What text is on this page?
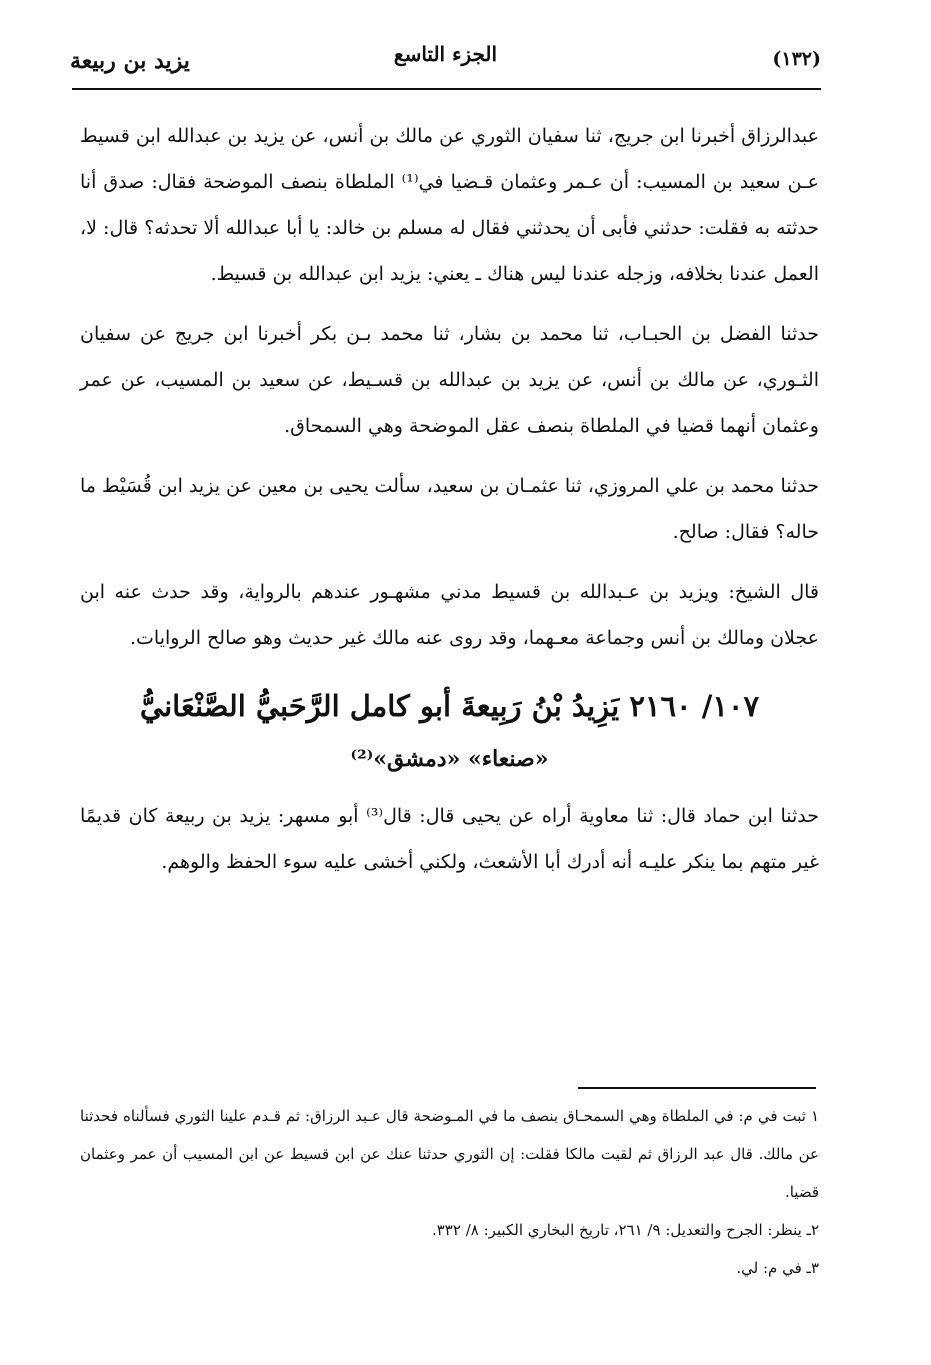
(١٣٢)
الجزء التاسع
يزيد بن ربيعة

عبدالرزاق أخبرنا ابن جريج، ثنا سفيان الثوري عن مالك بن أنس، عن يزيد بن عبدالله ابن قسيط عـن سعيد بن المسيب: أن عـمر وعثمان قـضيا في⁽¹⁾ الملطاة بنصف الموضحة فقال: صدق أنا حدثته به فقلت: حدثني فأبى أن يحدثني فقال له مسلم بن خالد: يا أبا عبدالله ألا تحدثه؟ قال: لا، العمل عندنا بخلافه، وزجله عندنا ليس هناك ـ يعني: يزيد ابن عبدالله بن قسيط.

حدثنا الفضل بن الحبـاب، ثنا محمد بن بشار، ثنا محمد بـن بكر أخبرنا ابن جريج عن سفيان الثـوري، عن مالك بن أنس، عن يزيد بن عبدالله بن قسـيط، عن سعيد بن المسيب، عن عمر وعثمان أنهما قضيا في الملطاة بنصف عقل الموضحة وهي السمحاق.

حدثنا محمد بن علي المروزي، ثنا عثمـان بن سعيد، سألت يحيى بن معين عن يزيد ابن قُسَيْط ما حاله؟ فقال: صالح.

قال الشيخ: ويزيد بن عـبدالله بن قسيط مدني مشهـور عندهم بالرواية، وقد حدث عنه ابن عجلان ومالك بن أنس وجماعة معـهما، وقد روى عنه مالك غير حديث وهو صالح الروايات.

١٠٧/ ٢١٦٠ يَزِيدُ بْنُ رَبِيعةَ أبو كامل الرَّحَبيُّ الصَّنْعَانيُّ
«صنعاء» «دمشق»⁽²⁾

حدثنا ابن حماد قال: ثنا معاوية أراه عن يحيى قال: قال⁽³⁾ أبو مسهر: يزيد بن ربيعة كان قديمًا غير متهم بما ينكر عليـه أنه أدرك أبا الأشعث، ولكني أخشى عليه سوء الحفظ والوهم.

١ ثبت في م: في الملطاة وهي السمحـاق بنصف ما في المـوضحة قال عـبد الرزاق: ثم قـدم علينا الثوري فسألناه فحدثنا عن مالك. قال عبد الرزاق ثم لقيت مالكا فقلت: إن الثوري حدثنا عنك عن ابن قسيط عن ابن المسيب أن عمر وعثمان قضيا.

٢ـ ينظر: الجرح والتعديل: ٩/ ٢٦١، تاريخ البخاري الكبير: ٨/ ٣٣٢.

٣ـ في م: لي.
